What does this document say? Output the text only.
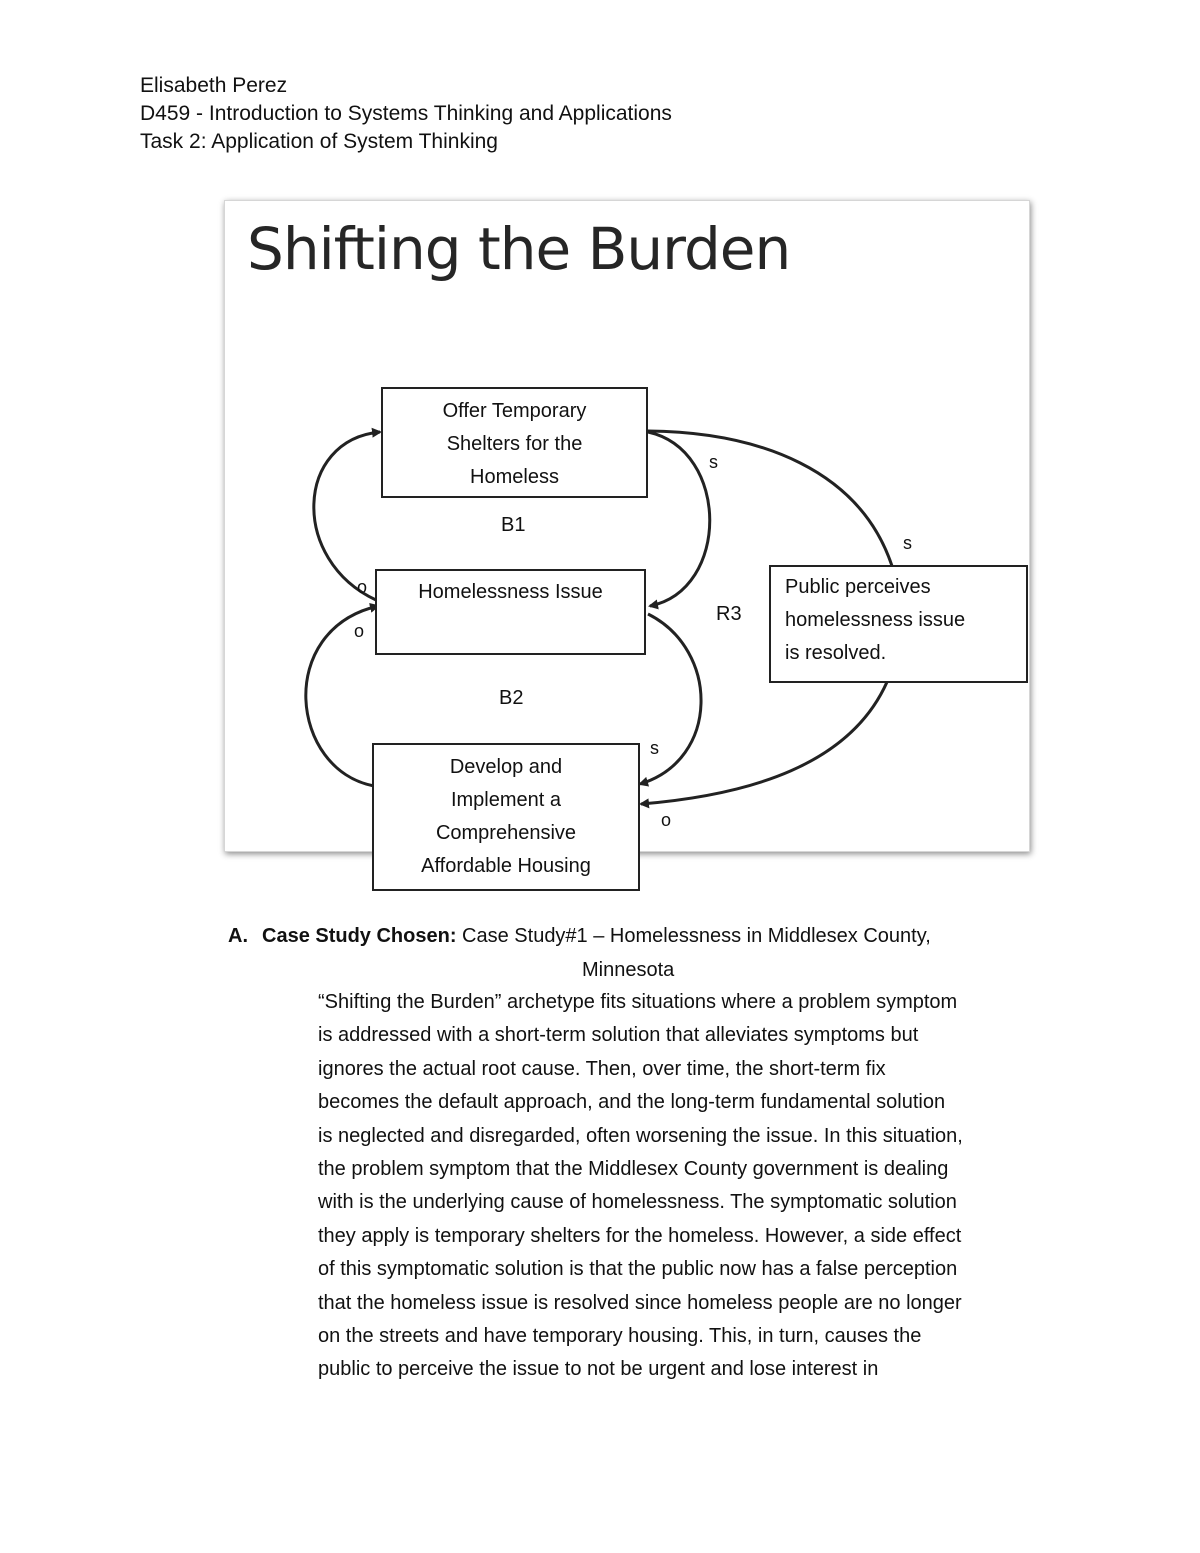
Elisabeth Perez
D459 - Introduction to Systems Thinking and Applications
Task 2: Application of System Thinking
Shifting the Burden
Offer Temporary
Shelters for the
Homeless
Homelessness Issue
Develop and
Implement a
Comprehensive
Affordable Housing
Public perceives
homelessness issue
is resolved.
B1
B2
R3
s
s
s
o
o
o
A. Case Study Chosen: Case Study#1 – Homelessness in Middlesex County,
Minnesota
“Shifting the Burden” archetype fits situations where a problem symptom
is addressed with a short-term solution that alleviates symptoms but
ignores the actual root cause. Then, over time, the short-term fix
becomes the default approach, and the long-term fundamental solution
is neglected and disregarded, often worsening the issue. In this situation,
the problem symptom that the Middlesex County government is dealing
with is the underlying cause of homelessness. The symptomatic solution
they apply is temporary shelters for the homeless. However, a side effect
of this symptomatic solution is that the public now has a false perception
that the homeless issue is resolved since homeless people are no longer
on the streets and have temporary housing. This, in turn, causes the
public to perceive the issue to not be urgent and lose interest in
